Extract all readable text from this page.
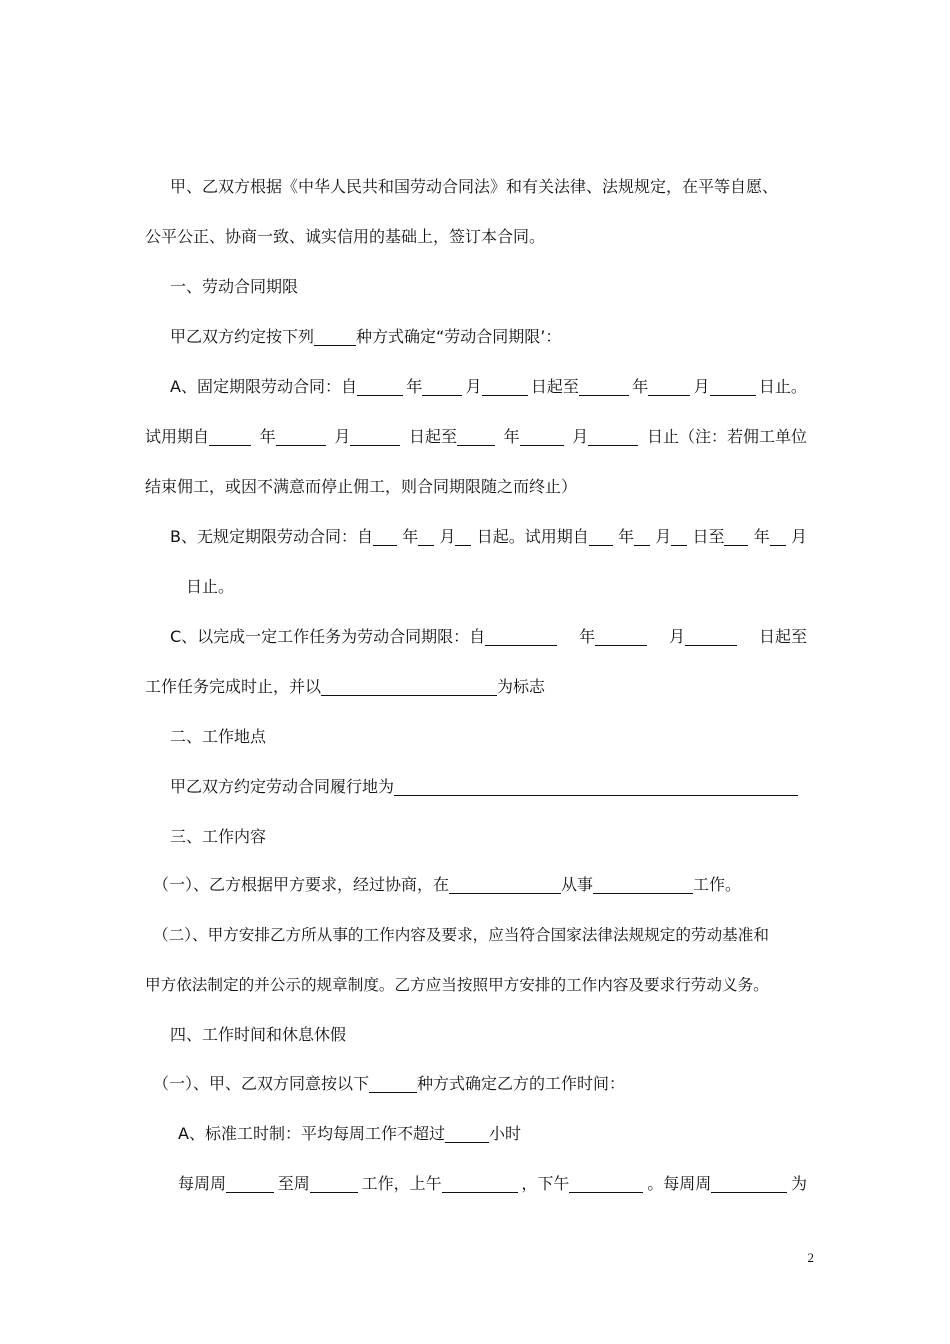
甲、乙双方根据《中华人民共和国劳动合同法》和有关法律、法规规定，在平等自愿、
公平公正、协商一致、诚实信用的基础上，签订本合同。
一、劳动合同期限
甲乙双方约定按下列	种方式确定“劳动合同期限’：
A、固定期限劳动合同：自	年	月	日起至	年	月	日止。
试用期自	年	月	日起至	年	月	日止（注：若佣工单位
结束佣工，或因不满意而停止佣工，则合同期限随之而终止）
B、无规定期限劳动合同：自	年	月	日起。试用期自	年	月	日至	年	月
日止。
C、以完成一定工作任务为劳动合同期限：自	年	月	日起至
工作任务完成时止，并以	为标志
二、工作地点
甲乙双方约定劳动合同履行地为
三、工作内容
（一）、乙方根据甲方要求，经过协商，在	从事	工作。
（二）、甲方安排乙方所从事的工作内容及要求，应当符合国家法律法规规定的劳动基准和
甲方依法制定的并公示的规章制度。乙方应当按照甲方安排的工作内容及要求行劳动义务。
四、工作时间和休息休假
（一）、甲、乙双方同意按以下	种方式确定乙方的工作时间：
A、标准工时制：平均每周工作不超过	小时
每周周	至周	工作，上午	，下午	。每周周	为
2
